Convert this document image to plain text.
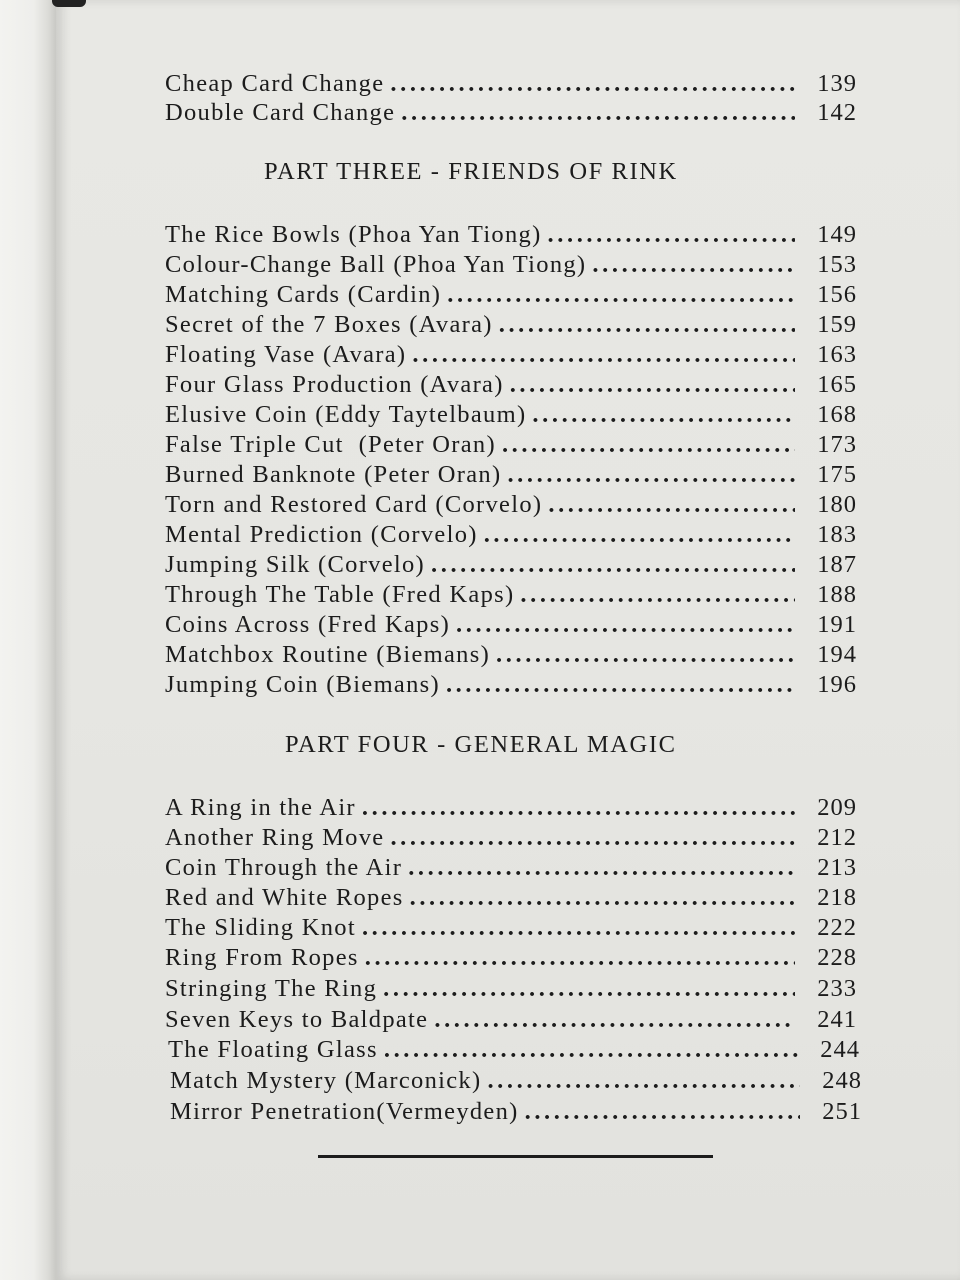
Cheap Card Change .....	139
Double Card Change .....	142
PART THREE - FRIENDS OF RINK
The Rice Bowls (Phoa Yan Tiong) .....	149
Colour-Change Ball (Phoa Yan Tiong) .....	153
Matching Cards (Cardin) .....	156
Secret of the 7 Boxes (Avara) .....	159
Floating Vase (Avara) .....	163
Four Glass Production (Avara) .....	165
Elusive Coin (Eddy Taytelbaum) .....	168
False Triple Cut  (Peter Oran) .....	173
Burned Banknote (Peter Oran) .....	175
Torn and Restored Card (Corvelo) .....	180
Mental Prediction (Corvelo) .....	183
Jumping Silk (Corvelo) .....	187
Through The Table (Fred Kaps) .....	188
Coins Across (Fred Kaps) .....	191
Matchbox Routine (Biemans) .....	194
Jumping Coin (Biemans) .....	196
PART FOUR - GENERAL MAGIC
A Ring in the Air .....	209
Another Ring Move .....	212
Coin Through the Air .....	213
Red and White Ropes .....	218
The Sliding Knot .....	222
Ring From Ropes .....	228
Stringing The Ring .....	233
Seven Keys to Baldpate .....	241
The Floating Glass .....	244
Match Mystery (Marconick) .....	248
Mirror Penetration(Vermeyden) .....	251
